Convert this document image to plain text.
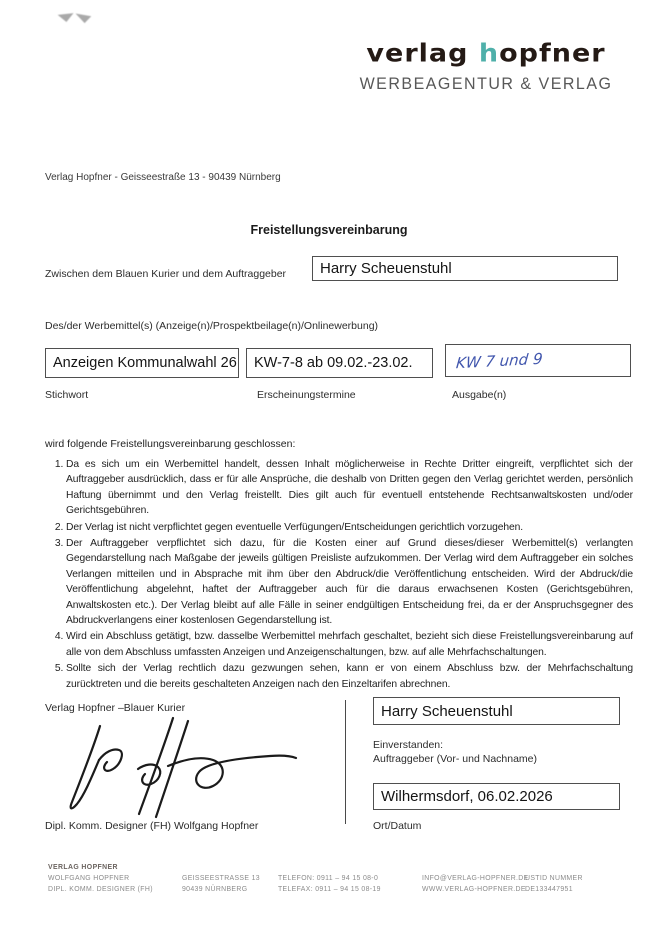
verlag hopfner
WERBEAGENTUR & VERLAG
Verlag Hopfner - Geisseestraße 13 - 90439 Nürnberg
Freistellungsvereinbarung
Zwischen dem Blauen Kurier und dem Auftraggeber	Harry Scheuenstuhl
Des/der Werbemittel(s) (Anzeige(n)/Prospektbeilage(n)/Onlinewerbung)
Anzeigen Kommunalwahl 26	KW-7-8 ab 09.02.-23.02.	KW 7 und 9
Stichwort	Erscheinungstermine	Ausgabe(n)

wird folgende Freistellungsvereinbarung geschlossen:

1. Da es sich um ein Werbemittel handelt, dessen Inhalt möglicherweise in Rechte Dritter eingreift, verpflichtet sich der Auftraggeber ausdrücklich, dass er für alle Ansprüche, die deshalb von Dritten gegen den Verlag gerichtet werden, persönlich Haftung übernimmt und den Verlag freistellt. Dies gilt auch für eventuell entstehende Rechtsanwaltskosten und/oder Gerichtsgebühren.
2. Der Verlag ist nicht verpflichtet gegen eventuelle Verfügungen/Entscheidungen gerichtlich vorzugehen.
3. Der Auftraggeber verpflichtet sich dazu, für die Kosten einer auf Grund dieses/dieser Werbemittel(s) verlangten Gegendarstellung nach Maßgabe der jeweils gültigen Preisliste aufzukommen. Der Verlag wird dem Auftraggeber ein solches Verlangen mitteilen und in Absprache mit ihm über den Abdruck/die Veröffentlichung entscheiden. Wird der Abdruck/die Veröffentlichung abgelehnt, haftet der Auftraggeber auch für die daraus erwachsenen Kosten (Gerichtsgebühren, Anwaltskosten etc.). Der Verlag bleibt auf alle Fälle in seiner endgültigen Entscheidung frei, da er der Anspruchsgegner des Abdruckverlangens einer kostenlosen Gegendarstellung ist.
4. Wird ein Abschluss getätigt, bzw. dasselbe Werbemittel mehrfach geschaltet, bezieht sich diese Freistellungsvereinbarung auf alle von dem Abschluss umfassten Anzeigen und Anzeigenschaltungen, bzw. auf alle Mehrfachschaltungen.
5. Sollte sich der Verlag rechtlich dazu gezwungen sehen, kann er von einem Abschluss bzw. der Mehrfachschaltung zurücktreten und die bereits geschalteten Anzeigen nach den Einzeltarifen abrechnen.
Verlag Hopfner –Blauer Kurier
Dipl. Komm. Designer (FH) Wolfgang Hopfner
Harry Scheuenstuhl
Einverstanden:
Auftraggeber (Vor- und Nachname)
Wilhermsdorf, 06.02.2026
Ort/Datum
VERLAG HOPFNER
WOLFGANG HOPFNER
DIPL. KOMM. DESIGNER (FH)
GEISSEESTRASSE 13
90439 NÜRNBERG
TELEFON: 0911 – 94 15 08-0
TELEFAX: 0911 – 94 15 08-19
INFO@VERLAG-HOPFNER.DE
WWW.VERLAG-HOPFNER.DE
USTID NUMMER
DE133447951
